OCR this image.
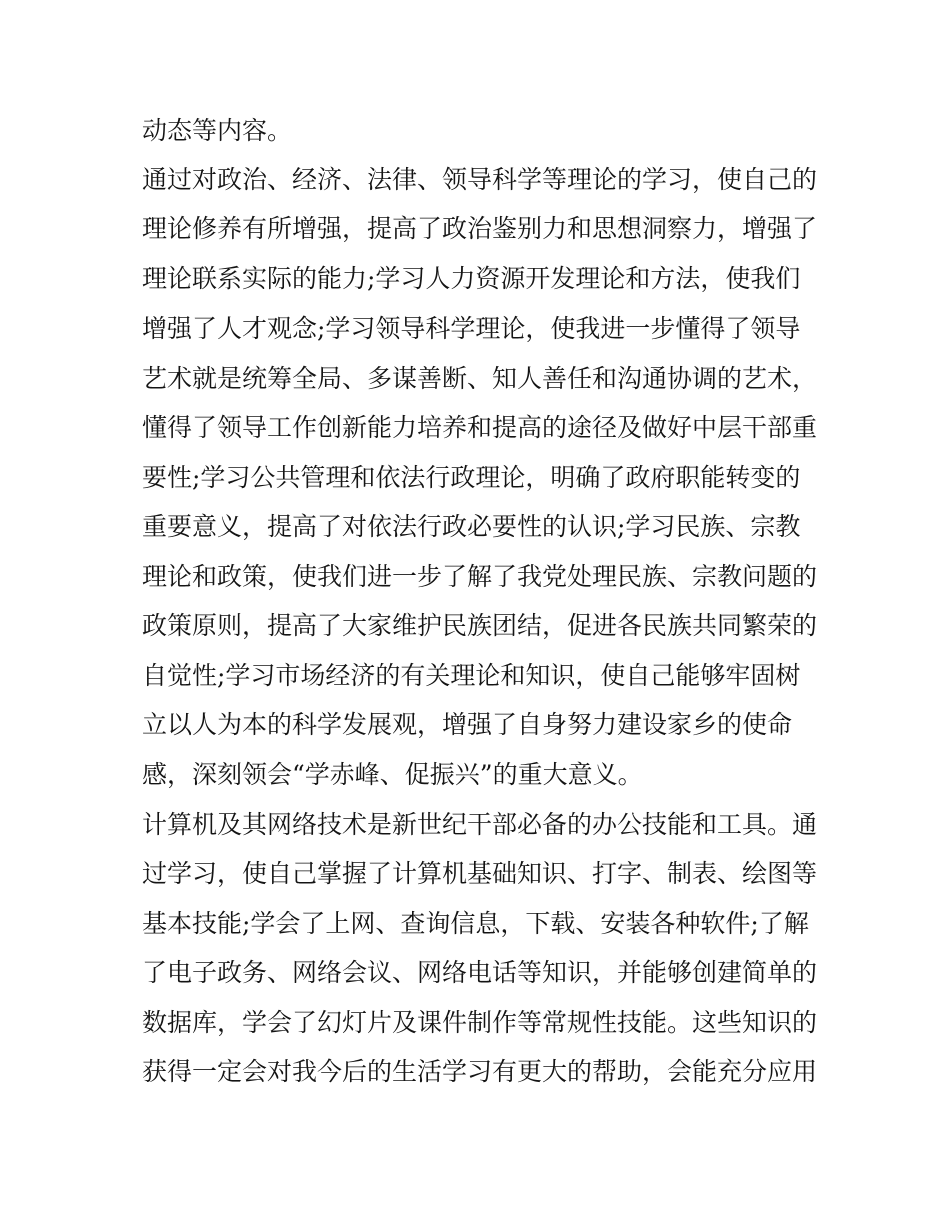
动态等内容。
通过对政治、经济、法律、领导科学等理论的学习，使自己的
理论修养有所增强，提高了政治鉴别力和思想洞察力，增强了
理论联系实际的能力;学习人力资源开发理论和方法，使我们
增强了人才观念;学习领导科学理论，使我进一步懂得了领导
艺术就是统筹全局、多谋善断、知人善任和沟通协调的艺术，
懂得了领导工作创新能力培养和提高的途径及做好中层干部重
要性;学习公共管理和依法行政理论，明确了政府职能转变的
重要意义，提高了对依法行政必要性的认识;学习民族、宗教
理论和政策，使我们进一步了解了我党处理民族、宗教问题的
政策原则，提高了大家维护民族团结，促进各民族共同繁荣的
自觉性;学习市场经济的有关理论和知识，使自己能够牢固树
立以人为本的科学发展观，增强了自身努力建设家乡的使命
感，深刻领会“学赤峰、促振兴”的重大意义。
计算机及其网络技术是新世纪干部必备的办公技能和工具。通
过学习，使自己掌握了计算机基础知识、打字、制表、绘图等
基本技能;学会了上网、查询信息，下载、安装各种软件;了解
了电子政务、网络会议、网络电话等知识，并能够创建简单的
数据库，学会了幻灯片及课件制作等常规性技能。这些知识的
获得一定会对我今后的生活学习有更大的帮助，会能充分应用
